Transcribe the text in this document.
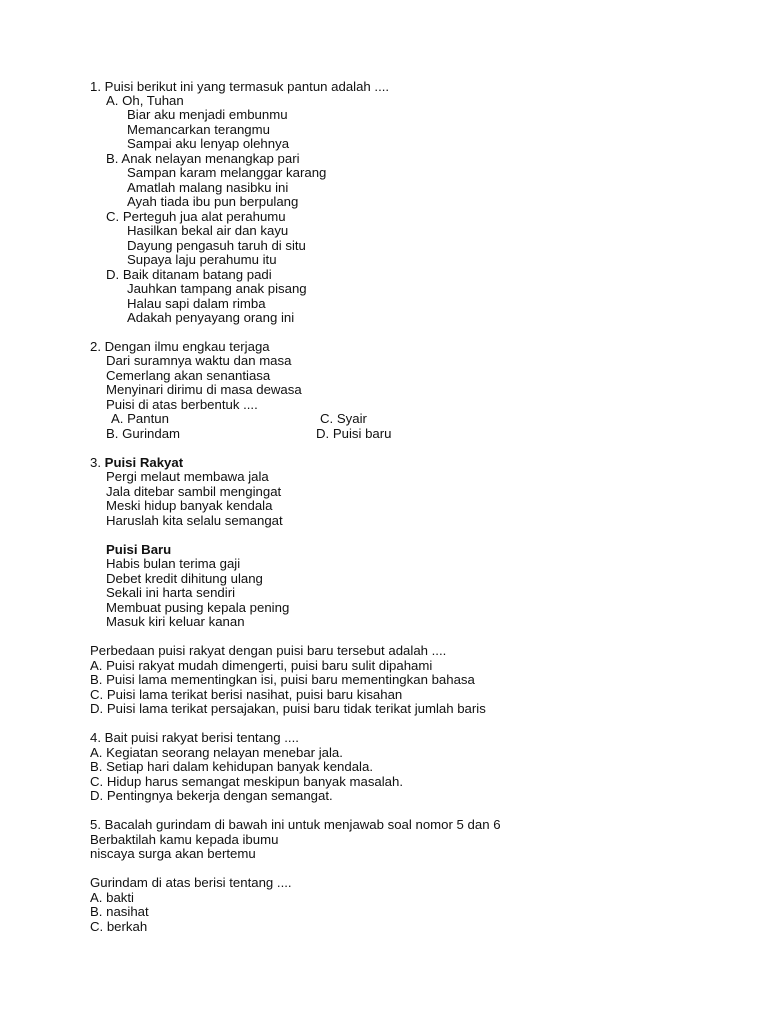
1. Puisi berikut ini yang termasuk pantun adalah ....
A. Oh, Tuhan
Biar aku menjadi embunmu
Memancarkan terangmu
Sampai aku lenyap olehnya
B. Anak nelayan menangkap pari
Sampan karam melanggar karang
Amatlah malang nasibku ini
Ayah tiada ibu pun berpulang
C. Perteguh jua alat perahumu
Hasilkan bekal air dan kayu
Dayung pengasuh taruh di situ
Supaya laju perahumu itu
D. Baik ditanam batang padi
Jauhkan tampang anak pisang
Halau sapi dalam rimba
Adakah penyayang orang ini
2. Dengan ilmu engkau terjaga
Dari suramnya waktu dan masa
Cemerlang akan senantiasa
Menyinari dirimu di masa dewasa
Puisi di atas berbentuk ....
A. Pantun	C. Syair
B. Gurindam	D. Puisi baru
3. Puisi Rakyat
Pergi melaut membawa jala
Jala ditebar sambil mengingat
Meski hidup banyak kendala
Haruslah kita selalu semangat
Puisi Baru
Habis bulan terima gaji
Debet kredit dihitung ulang
Sekali ini harta sendiri
Membuat pusing kepala pening
Masuk kiri keluar kanan
Perbedaan puisi rakyat dengan puisi baru tersebut adalah ....
A. Puisi rakyat mudah dimengerti, puisi baru sulit dipahami
B. Puisi lama mementingkan isi, puisi baru mementingkan bahasa
C. Puisi lama terikat berisi nasihat, puisi baru kisahan
D. Puisi lama terikat persajakan, puisi baru tidak terikat jumlah baris
4. Bait puisi rakyat berisi tentang ....
A. Kegiatan seorang nelayan menebar jala.
B. Setiap hari dalam kehidupan banyak kendala.
C. Hidup harus semangat meskipun banyak masalah.
D. Pentingnya bekerja dengan semangat.
5. Bacalah gurindam di bawah ini untuk menjawab soal nomor 5 dan 6
Berbaktilah kamu kepada ibumu
niscaya surga akan bertemu
Gurindam di atas berisi tentang ....
A. bakti
B. nasihat
C. berkah
